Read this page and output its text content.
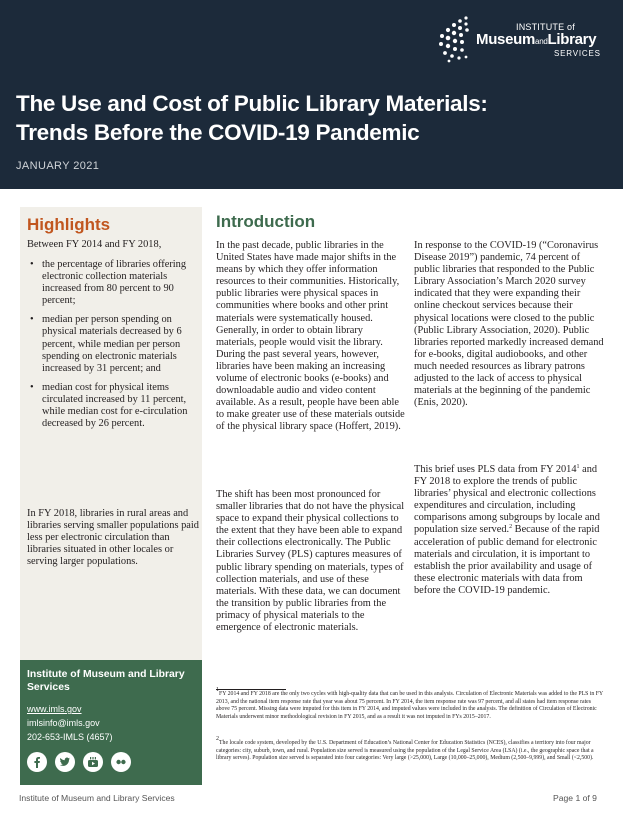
INSTITUTE of
MuseumandLibrary
SERVICES
The Use and Cost of Public Library Materials:
Trends Before the COVID-19 Pandemic
JANUARY 2021
Highlights

Between FY 2014 and FY 2018,

• the percentage of libraries offering electronic collection materials increased from 80 percent to 90 percent;
• median per person spending on physical materials decreased by 6 percent, while median per person spending on electronic materials increased by 31 percent; and
• median cost for physical items circulated increased by 11 percent, while median cost for e-circulation decreased by 26 percent.

In FY 2018, libraries in rural areas and libraries serving smaller populations paid less per electronic circulation than libraries situated in other locales or serving larger populations.

Institute of Museum and Library Services
www.imls.gov
imlsinfo@imls.gov
202-653-IMLS (4657)
Introduction

In the past decade, public libraries in the United States have made major shifts in the means by which they offer information resources to their communities. Historically, public libraries were physical spaces in communities where books and other print materials were systematically housed. Generally, in order to obtain library materials, people would visit the library. During the past several years, however, libraries have been making an increasing volume of electronic books (e-books) and downloadable audio and video content available. As a result, people have been able to make greater use of these materials outside of the physical library space (Hoffert, 2019).

The shift has been most pronounced for smaller libraries that do not have the physical space to expand their physical collections to the extent that they have been able to expand their collections electronically. The Public Libraries Survey (PLS) captures measures of public library spending on materials, types of collection materials, and use of these materials. With these data, we can document the transition by public libraries from the primacy of physical materials to the emergence of electronic materials.

In response to the COVID-19 (“Coronavirus Disease 2019”) pandemic, 74 percent of public libraries that responded to the Public Library Association’s March 2020 survey indicated that they were expanding their online checkout services because their physical locations were closed to the public (Public Library Association, 2020). Public libraries reported markedly increased demand for e-books, digital audiobooks, and other much needed resources as library patrons adjusted to the lack of access to physical materials at the beginning of the pandemic (Enis, 2020).

This brief uses PLS data from FY 2014$^1$ and FY 2018 to explore the trends of public libraries’ physical and electronic collections expenditures and circulation, including comparisons among subgroups by locale and population size served.$^2$ Because of the rapid acceleration of public demand for electronic materials and circulation, it is important to establish the prior availability and usage of these electronic materials with data from before the COVID-19 pandemic.

$^1$FY 2014 and FY 2018 are the only two cycles with high-quality data that can be used in this analysis. Circulation of Electronic Materials was added to the PLS in FY 2013, and the national item response rate that year was about 75 percent. In FY 2014, the item response rate was 97 percent, and all states had item response rates above 75 percent. Missing data were imputed for this item in FY 2014, and imputed values were included in the analysis. The definition of Circulation of Electronic Materials underwent minor methodological revision in FY 2015, and as a result it was not imputed in FYs 2015–2017.

$^2$The locale code system, developed by the U.S. Department of Education’s National Center for Education Statistics (NCES), classifies a territory into four major categories: city, suburb, town, and rural. Population size served is measured using the population of the Legal Service Area (LSA) (i.e., the geographic space that a library serves). Population size served is separated into four categories: Very large (>25,000), Large (10,000–25,000), Medium (2,500–9,999), and Small (<2,500).

Institute of Museum and Library Services	Page 1 of 9
